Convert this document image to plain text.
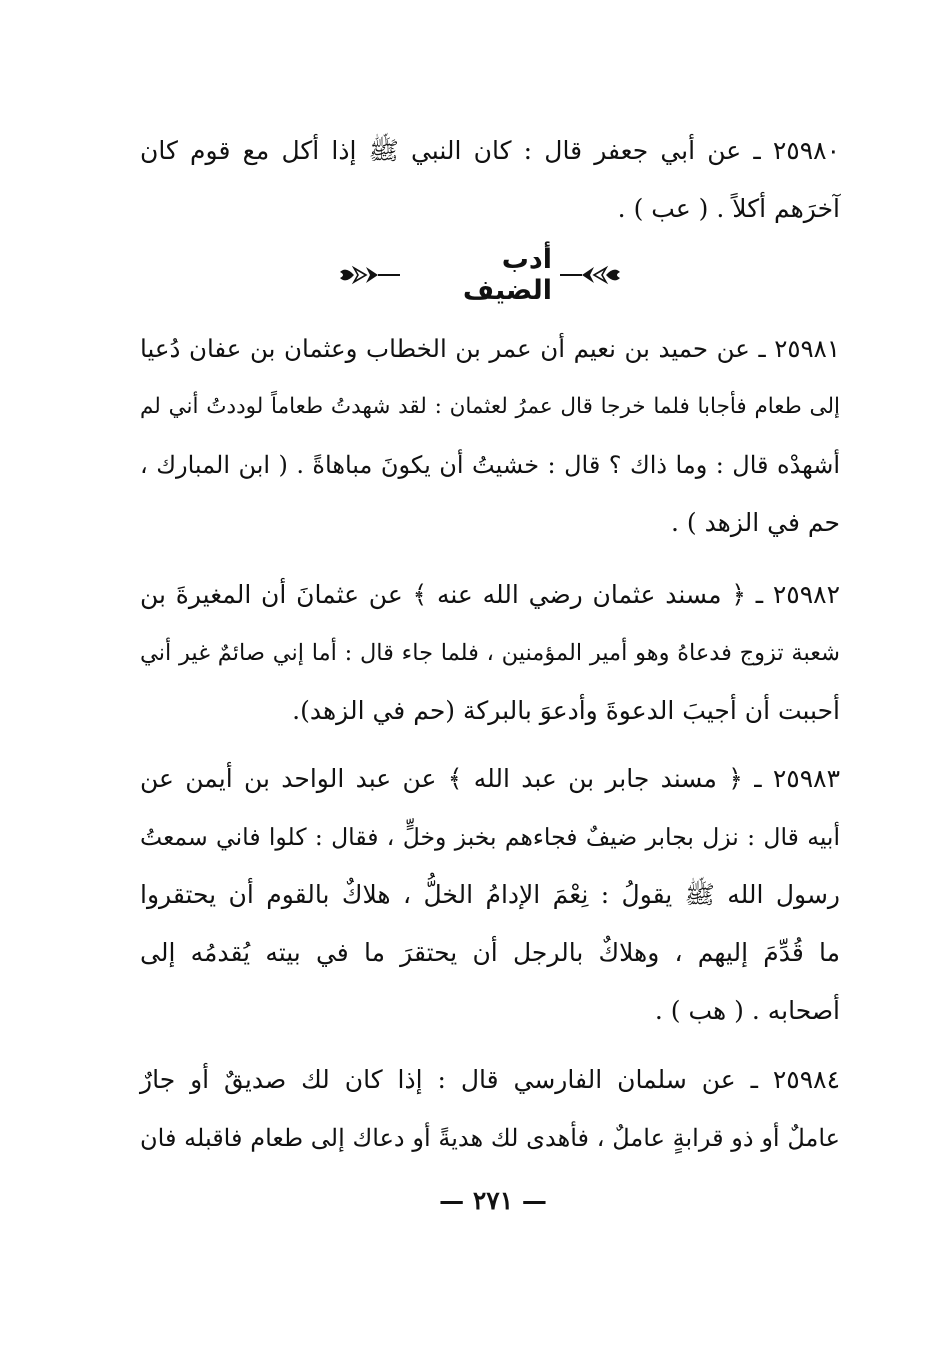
٢٥٩٨٠ ـ عن أبي جعفر قال : كان النبي ﷺ إذا أكل مع قوم كان
آخرَهم أكلاً . ( عب ) .
أدب الضيف
٢٥٩٨١ ـ عن حميد بن نعيم أن عمر بن الخطاب وعثمان بن عفان دُعيا
إلى طعام فأجابا فلما خرجا قال عمرُ لعثمان : لقد شهدتُ طعاماً لوددتُ أني لم
أشهدْه قال : وما ذاك ؟ قال : خشيتُ أن يكونَ مباهاةً . ( ابن المبارك ،
حم في الزهد ) .
٢٥٩٨٢ ـ ﴿ مسند عثمان رضي الله عنه ﴾ عن عثمانَ أن المغيرةَ بن
شعبة تزوج فدعاهُ وهو أمير المؤمنين ، فلما جاء قال : أما إني صائمٌ غير أني
أحببت أن أجيبَ الدعوةَ وأدعوَ بالبركة (حم في الزهد).
٢٥٩٨٣ ـ ﴿ مسند جابر بن عبد الله ﴾ عن عبد الواحد بن أيمن عن
أبيه قال : نزل بجابر ضيفٌ فجاءهم بخبز وخلٍّ ، فقال : كلوا فاني سمعتُ
رسول الله ﷺ يقولُ : نِعْمَ الإدامُ الخلُّ ، هلاكٌ بالقوم أن يحتقروا
ما قُدِّمَ إليهم ، وهلاكٌ بالرجل أن يحتقرَ ما في بيته يُقدمُه إلى
أصحابه . ( هب ) .
٢٥٩٨٤ ـ عن سلمان الفارسي قال : إذا كان لك صديقٌ أو جارٌ
عاملٌ أو ذو قرابةٍ عاملٌ ، فأهدى لك هديةً أو دعاك إلى طعام فاقبله فان
— ٢٧١ —
